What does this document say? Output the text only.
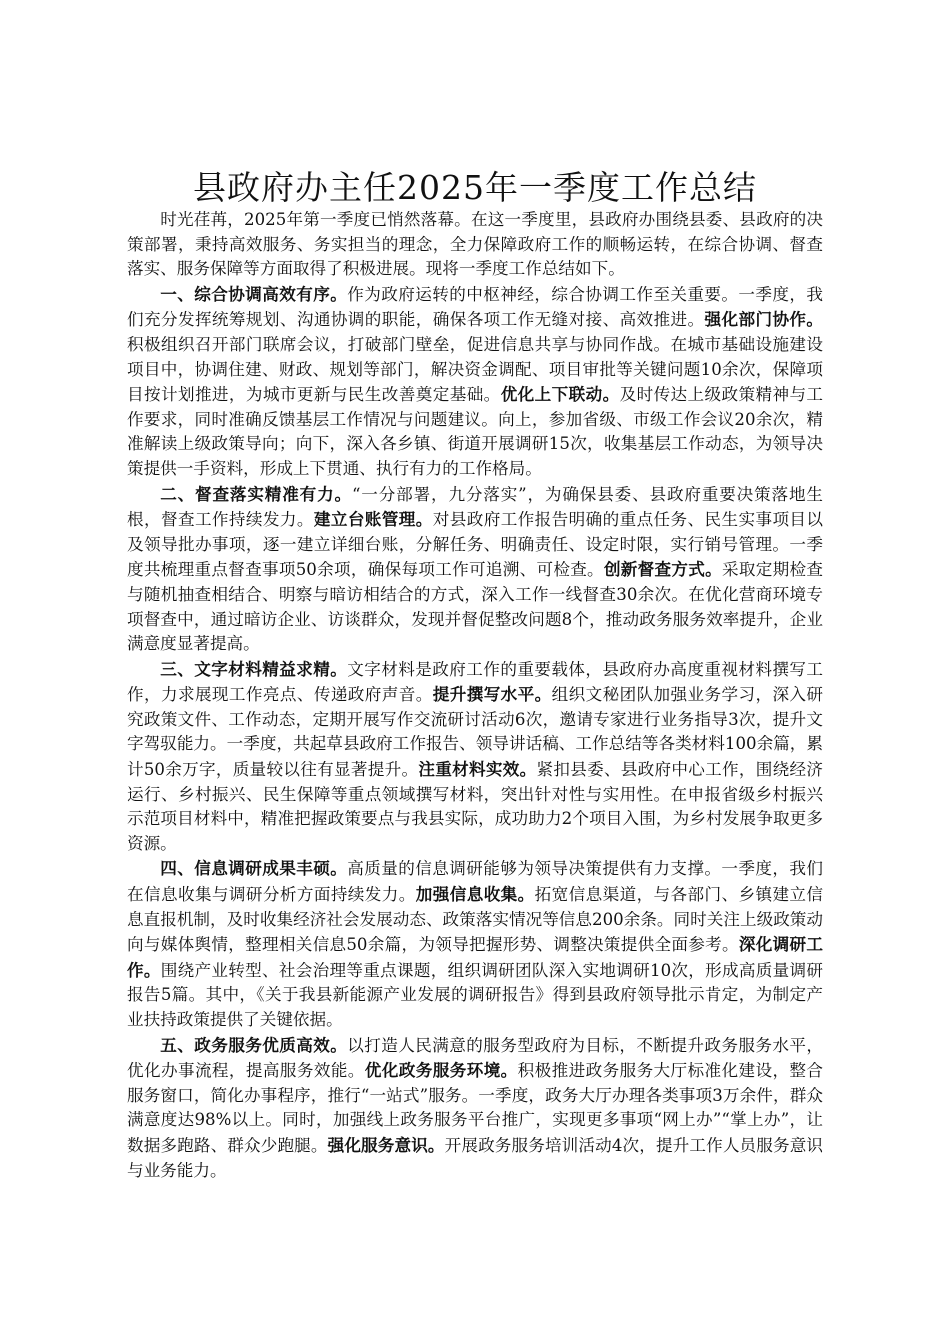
县政府办主任2025年一季度工作总结

时光荏苒，2025年第一季度已悄然落幕。在这一季度里，县政府办围绕县委、县政府的决策部署，秉持高效服务、务实担当的理念，全力保障政府工作的顺畅运转，在综合协调、督查落实、服务保障等方面取得了积极进展。现将一季度工作总结如下。

一、综合协调高效有序。作为政府运转的中枢神经，综合协调工作至关重要。一季度，我们充分发挥统筹规划、沟通协调的职能，确保各项工作无缝对接、高效推进。强化部门协作。积极组织召开部门联席会议，打破部门壁垒，促进信息共享与协同作战。在城市基础设施建设项目中，协调住建、财政、规划等部门，解决资金调配、项目审批等关键问题10余次，保障项目按计划推进，为城市更新与民生改善奠定基础。优化上下联动。及时传达上级政策精神与工作要求，同时准确反馈基层工作情况与问题建议。向上，参加省级、市级工作会议20余次，精准解读上级政策导向；向下，深入各乡镇、街道开展调研15次，收集基层工作动态，为领导决策提供一手资料，形成上下贯通、执行有力的工作格局。

二、督查落实精准有力。“一分部署，九分落实”，为确保县委、县政府重要决策落地生根，督查工作持续发力。建立台账管理。对县政府工作报告明确的重点任务、民生实事项目以及领导批办事项，逐一建立详细台账，分解任务、明确责任、设定时限，实行销号管理。一季度共梳理重点督查事项50余项，确保每项工作可追溯、可检查。创新督查方式。采取定期检查与随机抽查相结合、明察与暗访相结合的方式，深入工作一线督查30余次。在优化营商环境专项督查中，通过暗访企业、访谈群众，发现并督促整改问题8个，推动政务服务效率提升，企业满意度显著提高。

三、文字材料精益求精。文字材料是政府工作的重要载体，县政府办高度重视材料撰写工作，力求展现工作亮点、传递政府声音。提升撰写水平。组织文秘团队加强业务学习，深入研究政策文件、工作动态，定期开展写作交流研讨活动6次，邀请专家进行业务指导3次，提升文字驾驭能力。一季度，共起草县政府工作报告、领导讲话稿、工作总结等各类材料100余篇，累计50余万字，质量较以往有显著提升。注重材料实效。紧扣县委、县政府中心工作，围绕经济运行、乡村振兴、民生保障等重点领域撰写材料，突出针对性与实用性。在申报省级乡村振兴示范项目材料中，精准把握政策要点与我县实际，成功助力2个项目入围，为乡村发展争取更多资源。

四、信息调研成果丰硕。高质量的信息调研能够为领导决策提供有力支撑。一季度，我们在信息收集与调研分析方面持续发力。加强信息收集。拓宽信息渠道，与各部门、乡镇建立信息直报机制，及时收集经济社会发展动态、政策落实情况等信息200余条。同时关注上级政策动向与媒体舆情，整理相关信息50余篇，为领导把握形势、调整决策提供全面参考。深化调研工作。围绕产业转型、社会治理等重点课题，组织调研团队深入实地调研10次，形成高质量调研报告5篇。其中，《关于我县新能源产业发展的调研报告》得到县政府领导批示肯定，为制定产业扶持政策提供了关键依据。

五、政务服务优质高效。以打造人民满意的服务型政府为目标，不断提升政务服务水平，优化办事流程，提高服务效能。优化政务服务环境。积极推进政务服务大厅标准化建设，整合服务窗口，简化办事程序，推行“一站式”服务。一季度，政务大厅办理各类事项3万余件，群众满意度达98%以上。同时，加强线上政务服务平台推广，实现更多事项“网上办”“掌上办”，让数据多跑路、群众少跑腿。强化服务意识。开展政务服务培训活动4次，提升工作人员服务意识与业务能力。
